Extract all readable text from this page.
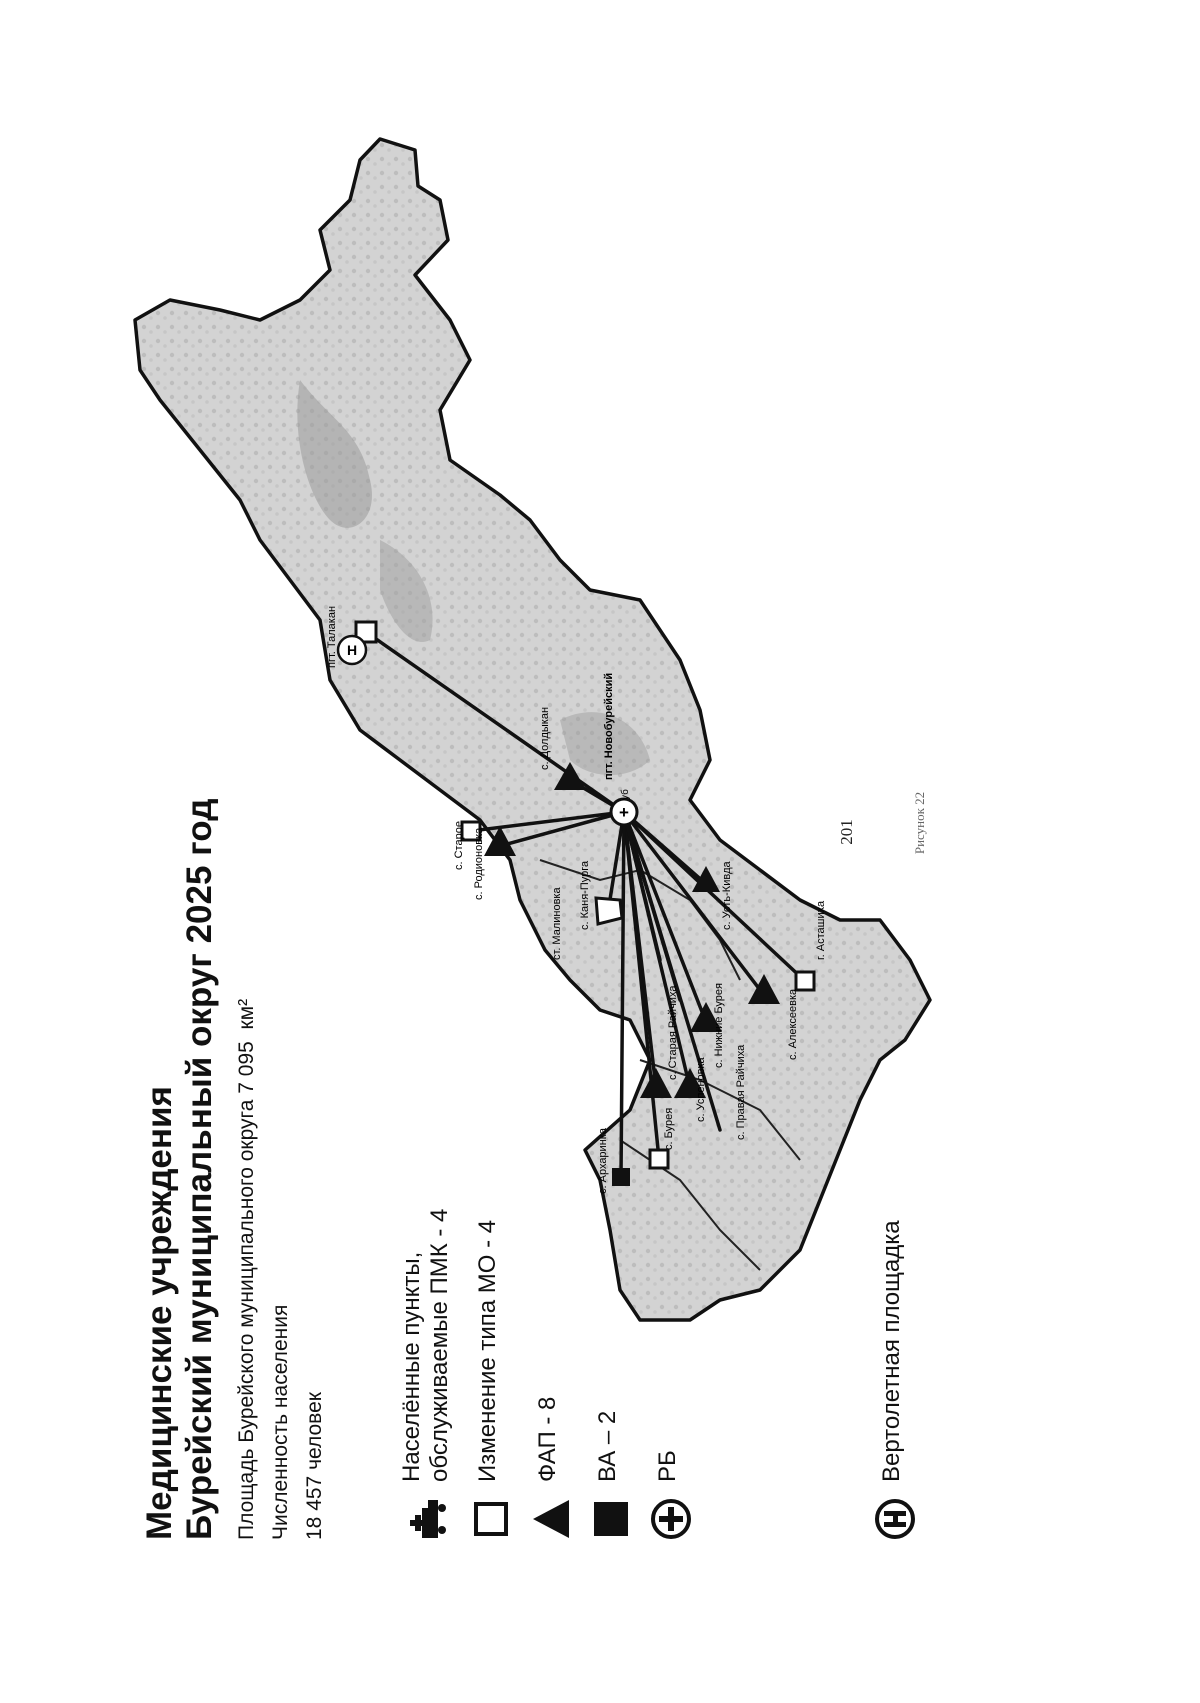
201
H
пгт. Талакан
с. Старое
с. Долдыкан
с. Родионовка
+
пгт. Новобурейский
уб
ст. Малиновка с. Каня-Пурга	с. Усть-Кивда
г. Асташиха
с. Алексеевка
с. Нижние Бурея
с. Успеновка
с. Старая Райчиха
с. Правая Райчиха
с. Бурея
с. Архаринка
Рисунок 22
Медицинские учреждения Бурейский муниципальный округ 2025 год Площадь Бурейского муниципального округа 7 095  км²
Численность населения 18 457 человек	Населённые пункты, обслуживаемые ПМК - 4 Изменение типа МО - 4 ФАП - 8 ВА – 2 РБ	Вертолетная площадка
